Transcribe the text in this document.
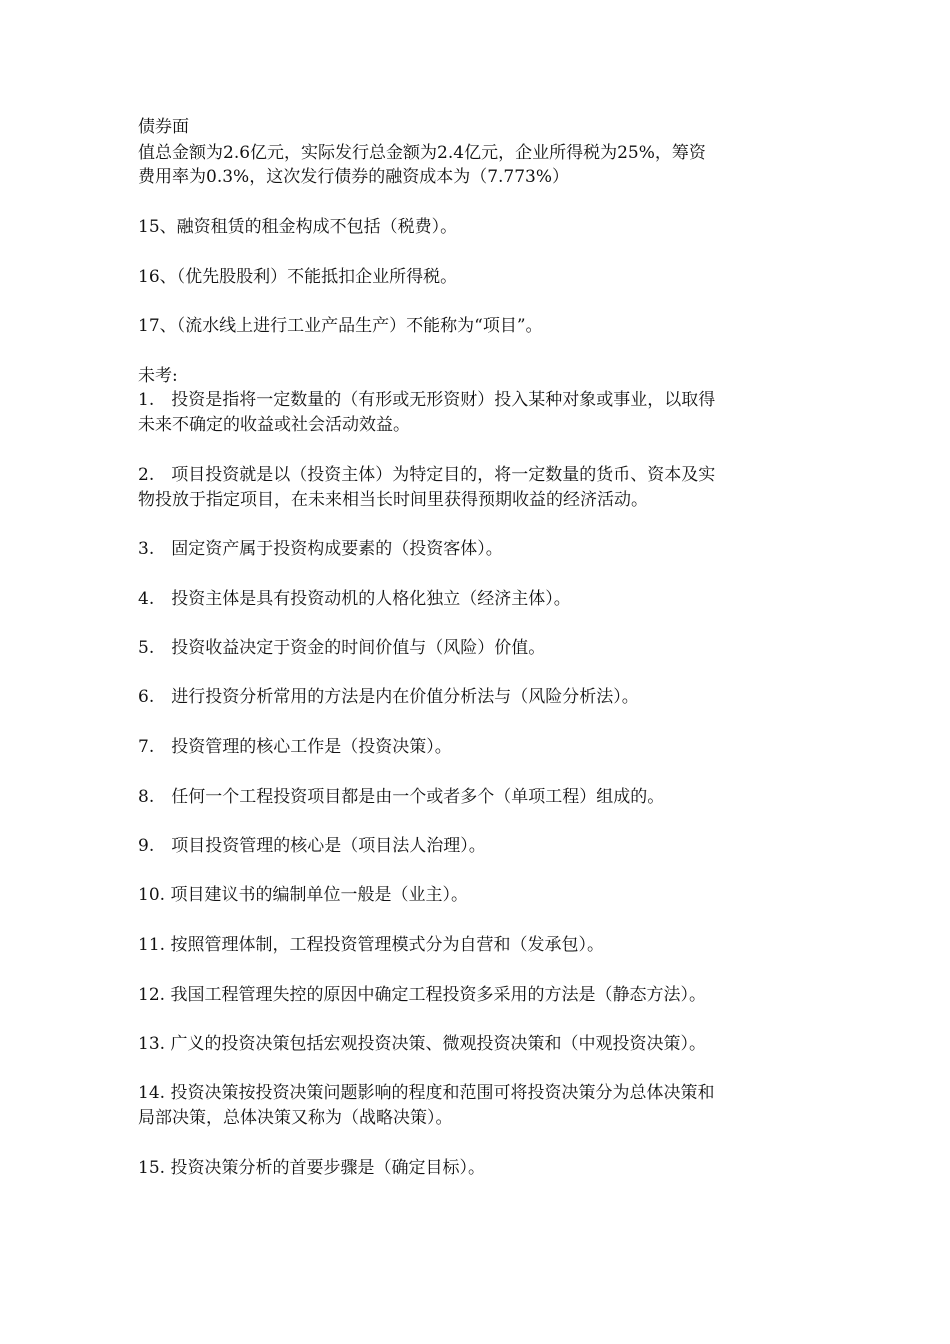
债券面
值总金额为2.6亿元，实际发行总金额为2.4亿元，企业所得税为25%，筹资
费用率为0.3%，这次发行债券的融资成本为（7.773%）
15、融资租赁的租金构成不包括（税费）。
16、（优先股股利）不能抵扣企业所得税。
17、（流水线上进行工业产品生产）不能称为“项目”。
未考:
1.　投资是指将一定数量的（有形或无形资财）投入某种对象或事业，以取得
未来不确定的收益或社会活动效益。
2.　项目投资就是以（投资主体）为特定目的，将一定数量的货币、资本及实
物投放于指定项目，在未来相当长时间里获得预期收益的经济活动。
3.　固定资产属于投资构成要素的（投资客体）。
4.　投资主体是具有投资动机的人格化独立（经济主体）。
5.　投资收益决定于资金的时间价值与（风险）价值。
6.　进行投资分析常用的方法是内在价值分析法与（风险分析法）。
7.　投资管理的核心工作是（投资决策）。
8.　任何一个工程投资项目都是由一个或者多个（单项工程）组成的。
9.　项目投资管理的核心是（项目法人治理）。
10. 项目建议书的编制单位一般是（业主）。
11. 按照管理体制，工程投资管理模式分为自营和（发承包）。
12. 我国工程管理失控的原因中确定工程投资多采用的方法是（静态方法）。
13. 广义的投资决策包括宏观投资决策、微观投资决策和（中观投资决策）。
14. 投资决策按投资决策问题影响的程度和范围可将投资决策分为总体决策和
局部决策，总体决策又称为（战略决策）。
15. 投资决策分析的首要步骤是（确定目标）。
